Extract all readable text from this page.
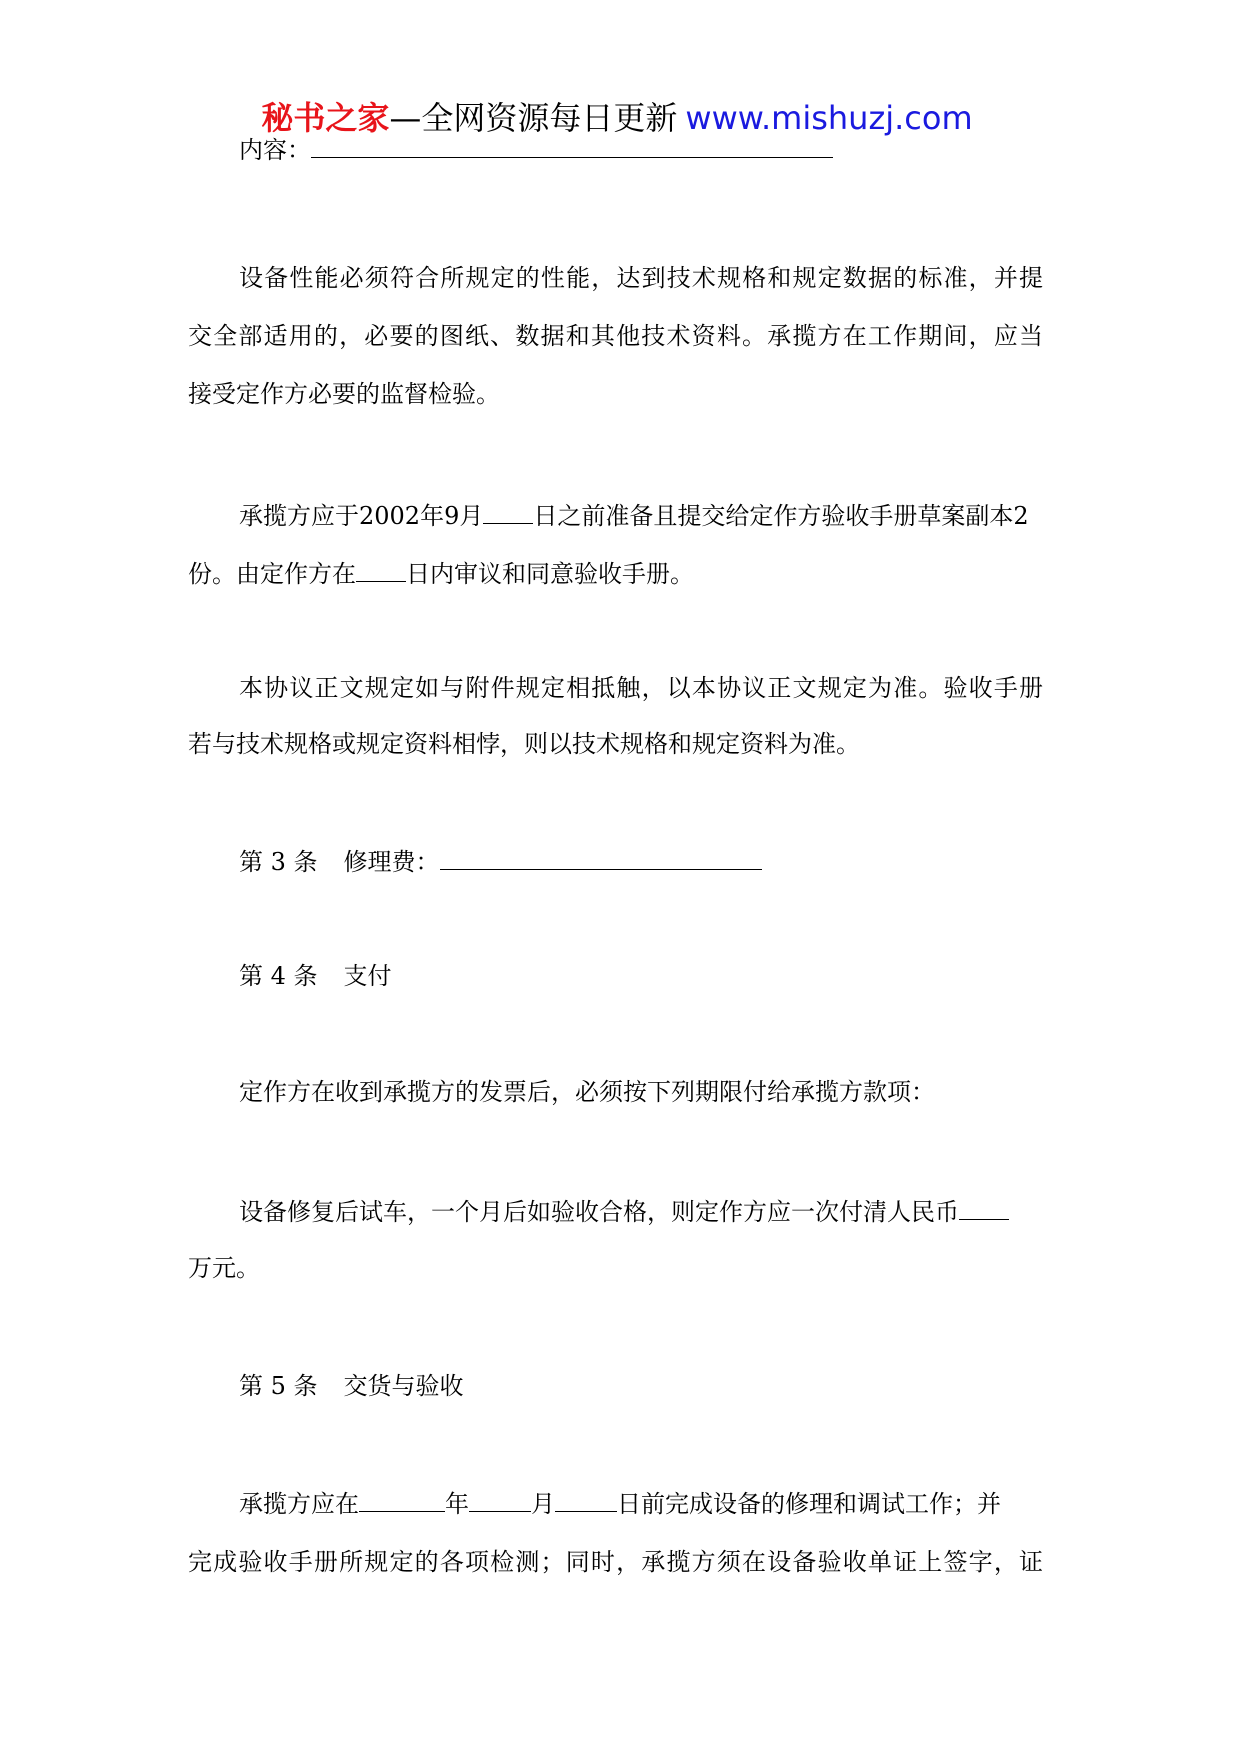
秘书之家—全网资源每日更新 www.mishuzj.com
内容：
设备性能必须符合所规定的性能，达到技术规格和规定数据的标准，并提
交全部适用的，必要的图纸、数据和其他技术资料。承揽方在工作期间，应当
接受定作方必要的监督检验。
承揽方应于2002年9月 日之前准备且提交给定作方验收手册草案副本2
份。由定作方在 日内审议和同意验收手册。
本协议正文规定如与附件规定相抵触，以本协议正文规定为准。验收手册
若与技术规格或规定资料相悖，则以技术规格和规定资料为准。
第 3 条 修理费：
第 4 条 支付
定作方在收到承揽方的发票后，必须按下列期限付给承揽方款项：
设备修复后试车，一个月后如验收合格，则定作方应一次付清人民币
万元。
第 5 条 交货与验收
承揽方应在	年	月	日前完成设备的修理和调试工作；并
完成验收手册所规定的各项检测；同时，承揽方须在设备验收单证上签字，证
